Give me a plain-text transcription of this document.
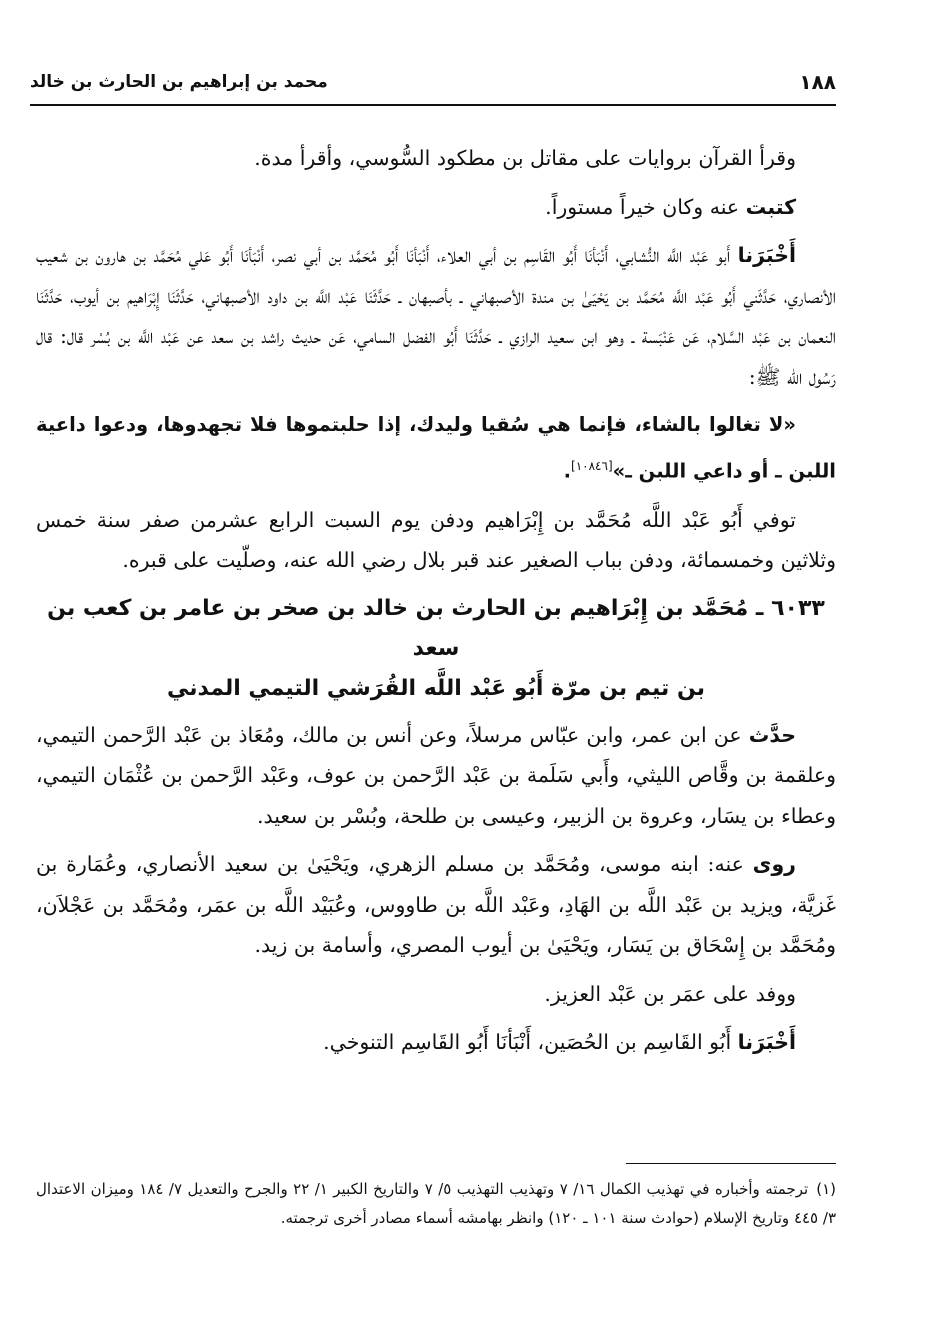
١٨٨
محمد بن إبراهيم بن الحارث بن خالد

وقرأ القرآن بروايات على مقاتل بن مطكود السُّوسي، وأقرأ مدة.

كتبت عنه وكان خيراً مستوراً.

أَخْبَرَنا أَبو عَبْد اللَّه النُّشابي، أَنْبَأنَا أَبُو القَاسِم بن أبي العلاء، أَنْبَأنَا أَبُو مُحَمَّد بن أبي نصر، أَنْبَأنَا أَبُو عَلي مُحَمَّد بن هارون بن شعيب الأنصاري، حَدَّثَني أَبُو عَبْد اللَّه مُحَمَّد بن يَحْيَىٰ بن مندة الأصبهاني ـ بأصبهان ـ حَدَّثَنَا عَبْد اللَّه بن داود الأصبهاني، حَدَّثَنَا إِبْرَاهيم بن أيوب، حَدَّثَنَا النعمان بن عَبْد السَّلام، عَن عَنْبَسة ـ وهو ابن سعيد الرازي ـ حَدَّثَنَا أَبُو الفضل السامي، عَن حديث راشد بن سعد عن عَبْد اللَّه بن بُسْر قال: قال رَسُول الله ﷺ:

«لا تغالوا بالشاء، فإنما هي سُقيا وليدك، إذا حلبتموها فلا تجهدوها، ودعوا داعية اللبن ـ أو داعي اللبن ـ»[١٠٨٤٦].

توفي أَبُو عَبْد اللَّه مُحَمَّد بن إِبْرَاهيم ودفن يوم السبت الرابع عشرمن صفر سنة خمس وثلاثين وخمسمائة، ودفن بباب الصغير عند قبر بلال رضي الله عنه، وصلّيت على قبره.

٦٠٣٣ ـ مُحَمَّد بن إِبْرَاهيم بن الحارث بن خالد بن صخر بن عامر بن كعب بن سعد
بن تيم بن مرّة أَبُو عَبْد اللَّه القُرَشي التيمي المدني

حدَّث عن ابن عمر، وابن عبّاس مرسلاً، وعن أنس بن مالك، ومُعَاذ بن عَبْد الرَّحمن التيمي، وعلقمة بن وقَّاص الليثي، وأَبي سَلَمة بن عَبْد الرَّحمن بن عوف، وعَبْد الرَّحمن بن عُثْمَان التيمي، وعطاء بن يسَار، وعروة بن الزبير، وعيسى بن طلحة، وبُسْر بن سعيد.

روى عنه: ابنه موسى، ومُحَمَّد بن مسلم الزهري، ويَحْيَىٰ بن سعيد الأنصاري، وعُمَارة بن غَزيَّة، ويزيد بن عَبْد اللَّه بن الهَادِ، وعَبْد اللَّه بن طاووس، وعُبَيْد اللَّه بن عمَر، ومُحَمَّد بن عَجْلاَن، ومُحَمَّد بن إِسْحَاق بن يَسَار، ويَحْيَىٰ بن أيوب المصري، وأسامة بن زيد.

ووفد على عمَر بن عَبْد العزيز.

أَخْبَرَنا أَبُو القَاسِم بن الحُصَين، أَنْبَأنَا أَبُو القَاسِم التنوخي.

(١)ترجمته وأخباره في تهذيب الكمال ١٦/ ٧ وتهذيب التهذيب ٥/ ٧ والتاريخ الكبير ١/ ٢٢ والجرح والتعديل ٧/ ١٨٤ وميزان الاعتدال ٣/ ٤٤٥ وتاريخ الإسلام (حوادث سنة ١٠١ ـ ١٢٠) وانظر بهامشه أسماء مصادر أخرى ترجمته.
